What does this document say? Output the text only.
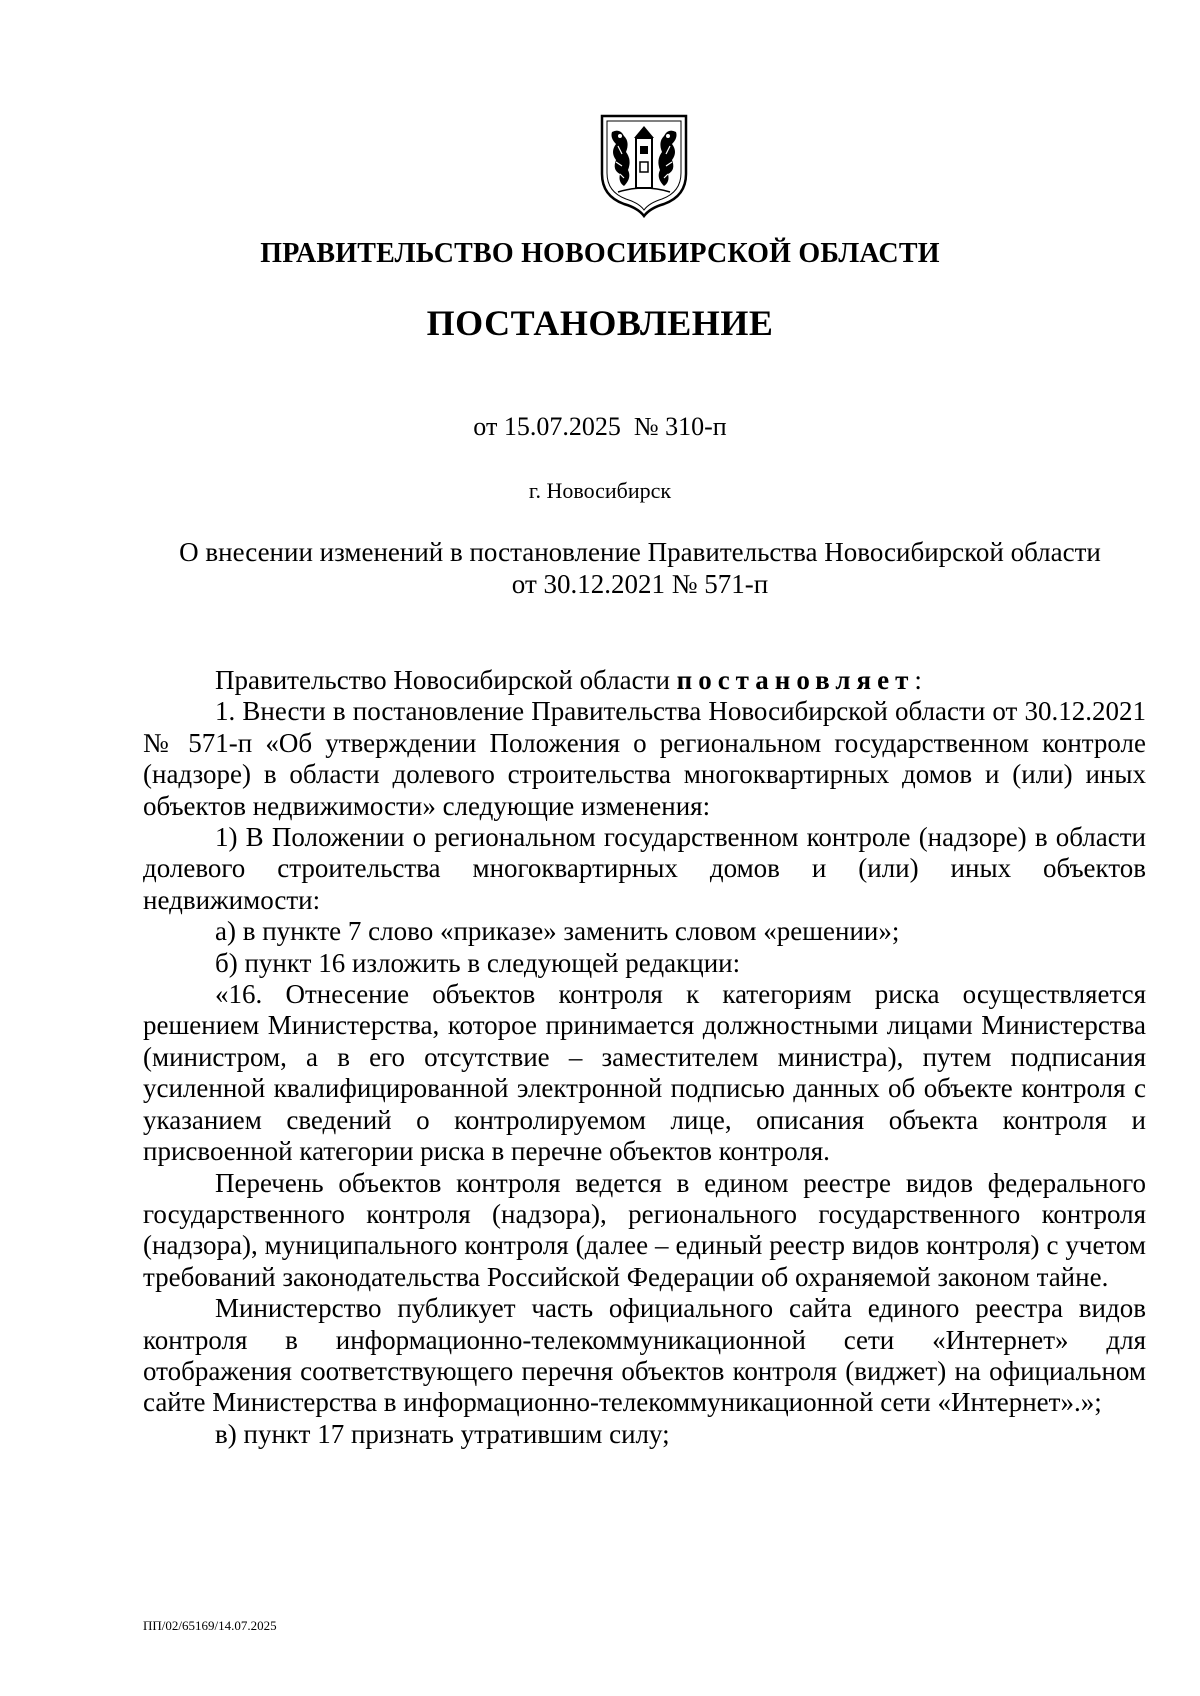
ПРАВИТЕЛЬСТВО НОВОСИБИРСКОЙ ОБЛАСТИ
ПОСТАНОВЛЕНИЕ
от 15.07.2025  № 310-п
г. Новосибирск
О внесении изменений в постановление Правительства Новосибирской области
от 30.12.2021 № 571-п

Правительство Новосибирской области постановляет:

1. Внести в постановление Правительства Новосибирской области от 30.12.2021 № 571-п «Об утверждении Положения о региональном государственном контроле (надзоре) в области долевого строительства многоквартирных домов и (или) иных объектов недвижимости» следующие изменения:

1) В Положении о региональном государственном контроле (надзоре) в области долевого строительства многоквартирных домов и (или) иных объектов недвижимости:

а) в пункте 7 слово «приказе» заменить словом «решении»;

б) пункт 16 изложить в следующей редакции:

«16. Отнесение объектов контроля к категориям риска осуществляется решением Министерства, которое принимается должностными лицами Министерства (министром, а в его отсутствие – заместителем министра), путем подписания усиленной квалифицированной электронной подписью данных об объекте контроля с указанием сведений о контролируемом лице, описания объекта контроля и присвоенной категории риска в перечне объектов контроля.

Перечень объектов контроля ведется в едином реестре видов федерального государственного контроля (надзора), регионального государственного контроля (надзора), муниципального контроля (далее – единый реестр видов контроля) с учетом требований законодательства Российской Федерации об охраняемой законом тайне.

Министерство публикует часть официального сайта единого реестра видов контроля в информационно-телекоммуникационной сети «Интернет» для отображения соответствующего перечня объектов контроля (виджет) на официальном сайте Министерства в информационно-телекоммуникационной сети «Интернет».»;

в) пункт 17 признать утратившим силу;

ПП/02/65169/14.07.2025
